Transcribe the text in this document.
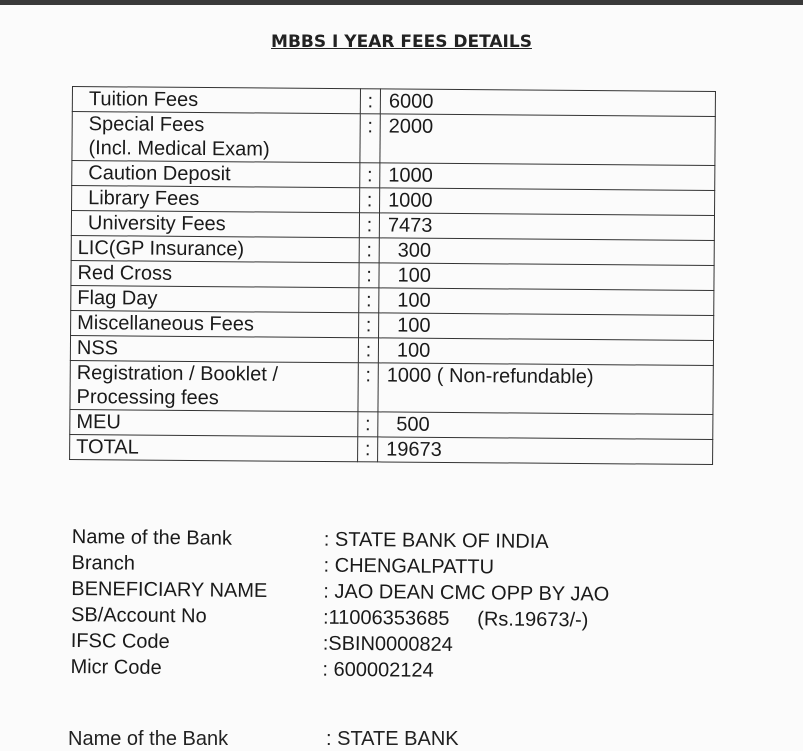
MBBS I YEAR FEES DETAILS
Tuition Fees	:	6000
Special Fees
(Incl. Medical Exam)	:	2000
Caution Deposit	:	1000
Library Fees	:	1000
University Fees	:	7473
LIC(GP Insurance)	:	300
Red Cross	:	100
Flag Day	:	100
Miscellaneous Fees	:	100
NSS	:	100
Registration / Booklet /
Processing fees	:	1000 ( Non-refundable)
MEU	:	500
TOTAL	:	19673
Name of the Bank	: STATE BANK OF INDIA
Branch	: CHENGALPATTU
BENEFICIARY NAME	: JAO DEAN CMC OPP BY JAO
SB/Account No	:11006353685     (Rs.19673/-)
IFSC Code	:SBIN0000824
Micr Code	: 600002124
Name of the Bank	: STATE BANK
